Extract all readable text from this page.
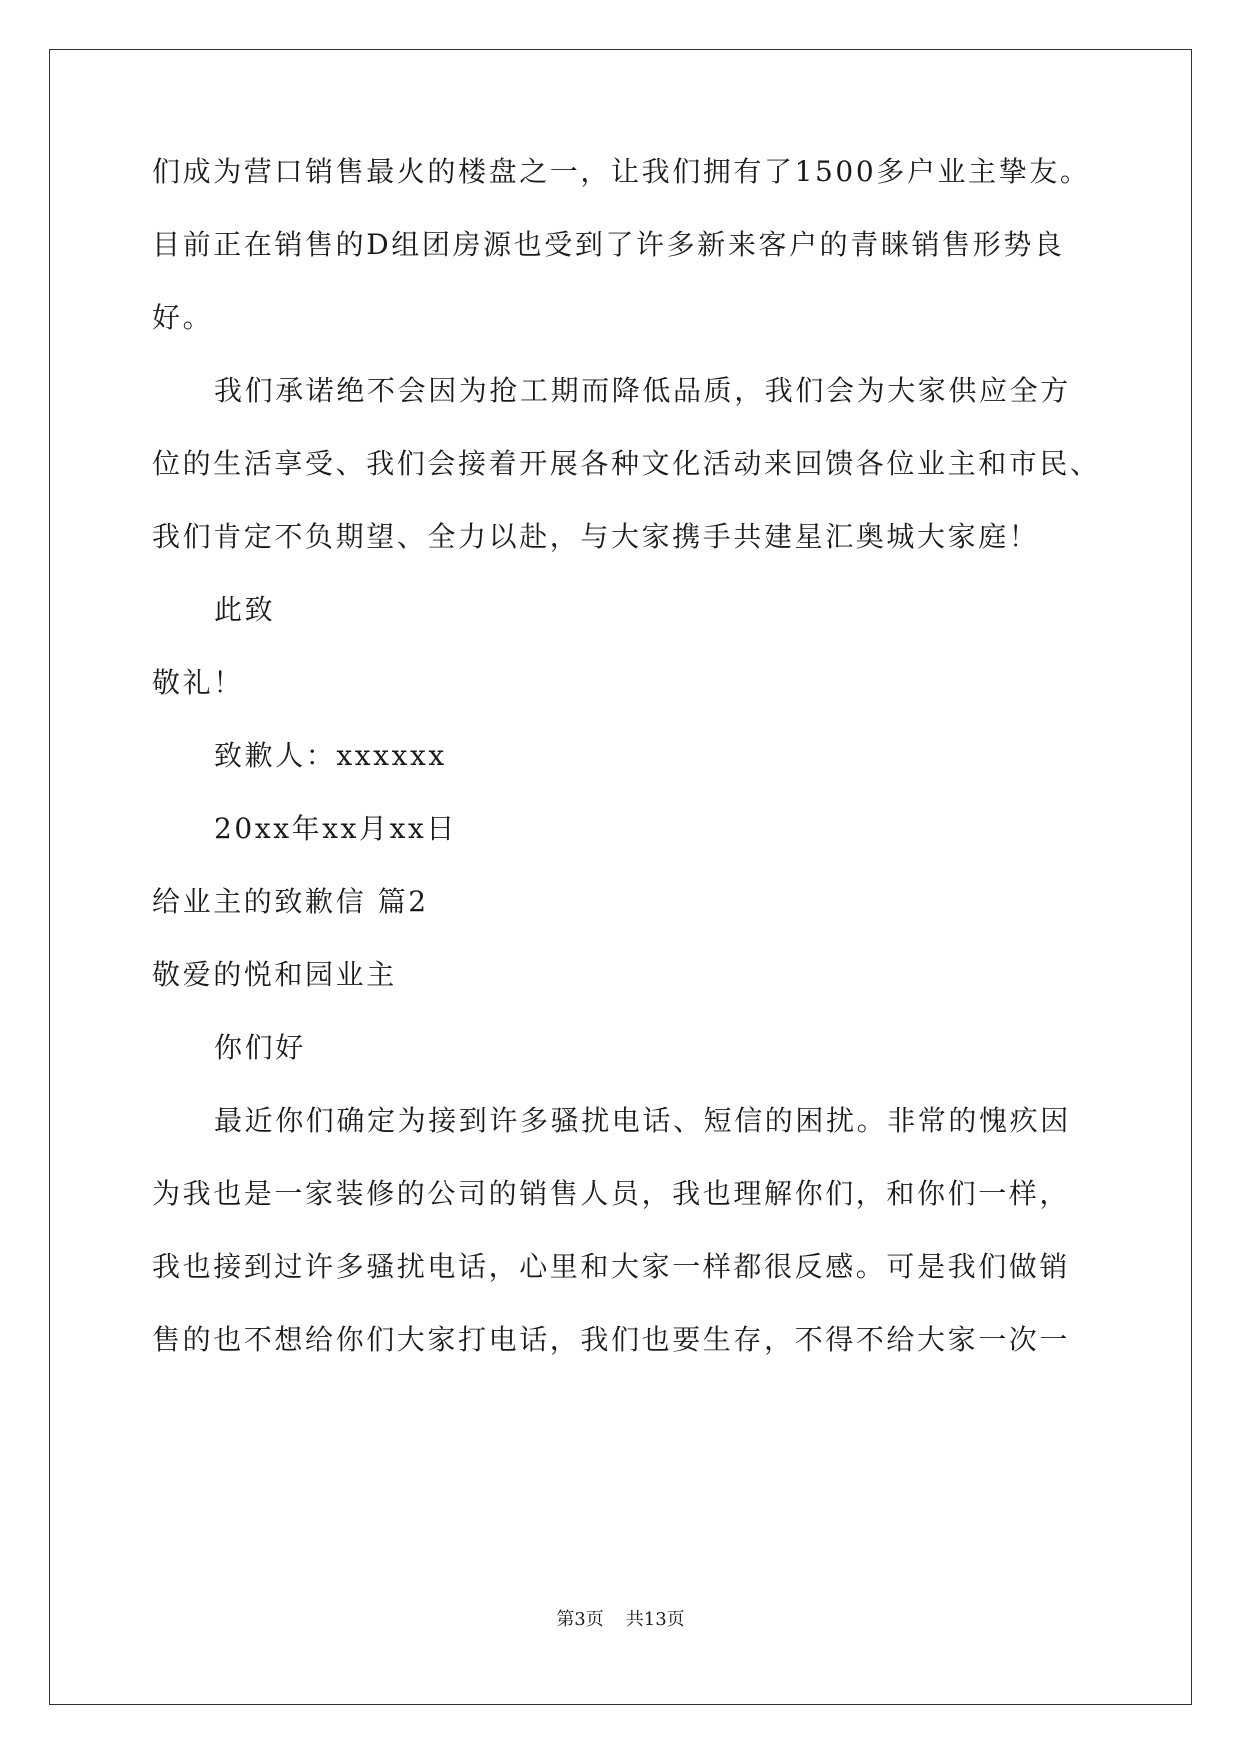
们成为营口销售最火的楼盘之一，让我们拥有了1500多户业主挚友。
目前正在销售的D组团房源也受到了许多新来客户的青睐销售形势良
好。
我们承诺绝不会因为抢工期而降低品质，我们会为大家供应全方
位的生活享受、我们会接着开展各种文化活动来回馈各位业主和市民、
我们肯定不负期望、全力以赴，与大家携手共建星汇奥城大家庭！
此致
敬礼！
致歉人：xxxxxx
20xx年xx月xx日
给业主的致歉信 篇2
敬爱的悦和园业主
你们好
最近你们确定为接到许多骚扰电话、短信的困扰。非常的愧疚因
为我也是一家装修的公司的销售人员，我也理解你们，和你们一样，
我也接到过许多骚扰电话，心里和大家一样都很反感。可是我们做销
售的也不想给你们大家打电话，我们也要生存，不得不给大家一次一
第3页 共13页
